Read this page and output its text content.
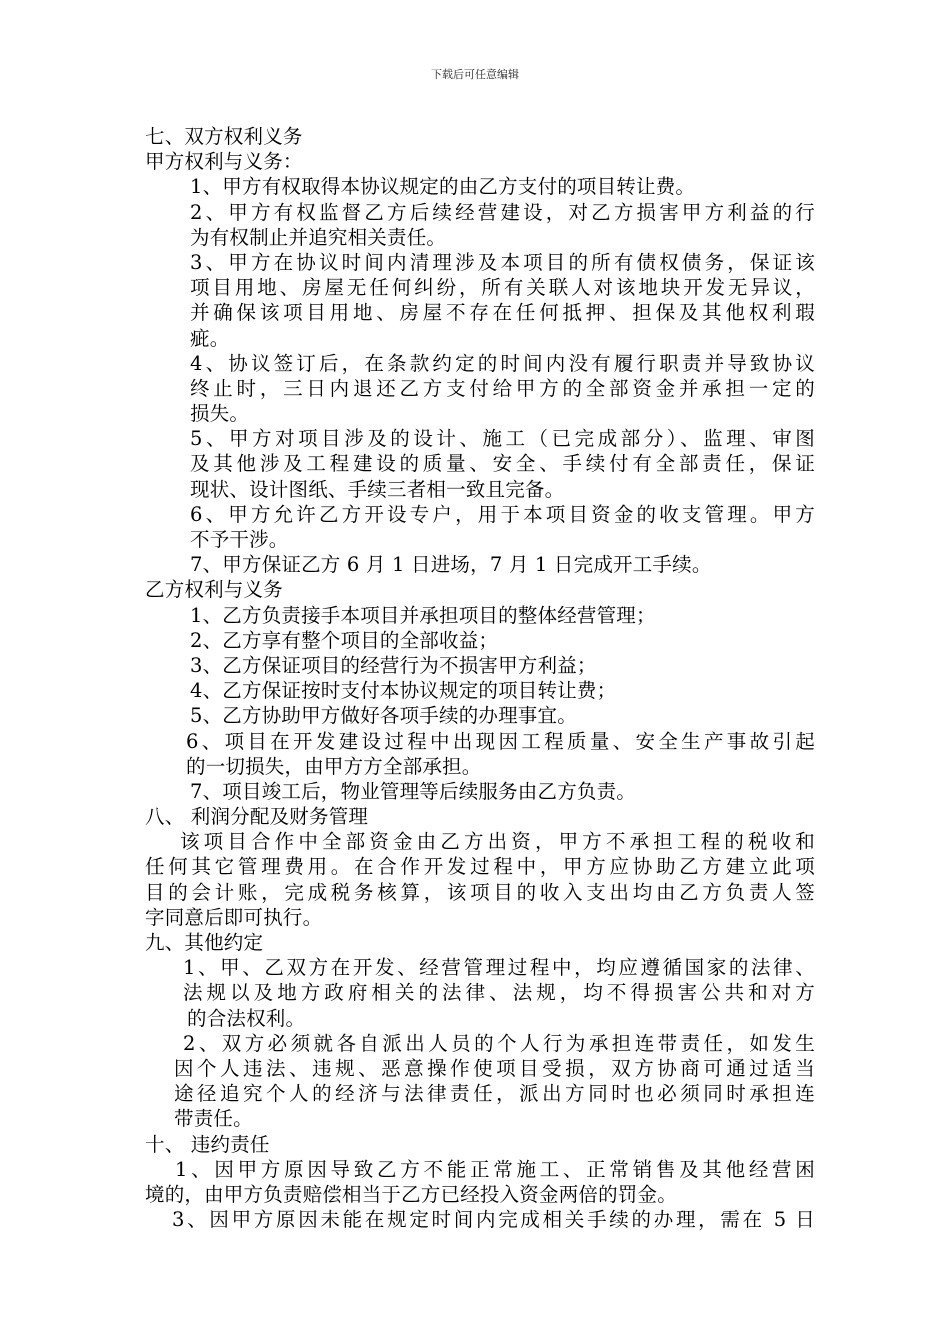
下载后可任意编辑
七、双方权利义务
甲方权利与义务：
1、甲方有权取得本协议规定的由乙方支付的项目转让费。
2、甲方有权监督乙方后续经营建设，对乙方损害甲方利益的行
为有权制止并追究相关责任。
3、甲方在协议时间内清理涉及本项目的所有债权债务，保证该
项目用地、房屋无任何纠纷，所有关联人对该地块开发无异议，
并确保该项目用地、房屋不存在任何抵押、担保及其他权利瑕
疵。
4、协议签订后，在条款约定的时间内没有履行职责并导致协议
终止时，三日内退还乙方支付给甲方的全部资金并承担一定的
损失。
5、甲方对项目涉及的设计、施工（已完成部分）、监理、审图
及其他涉及工程建设的质量、安全、手续付有全部责任，保证
现状、设计图纸、手续三者相一致且完备。
6、甲方允许乙方开设专户，用于本项目资金的收支管理。甲方
不予干涉。
7、甲方保证乙方 6 月 1 日进场，7 月 1 日完成开工手续。
乙方权利与义务
1、乙方负责接手本项目并承担项目的整体经营管理；
2、乙方享有整个项目的全部收益；
3、乙方保证项目的经营行为不损害甲方利益；
4、乙方保证按时支付本协议规定的项目转让费；
5、乙方协助甲方做好各项手续的办理事宜。
6、项目在开发建设过程中出现因工程质量、安全生产事故引起
的一切损失，由甲方方全部承担。
7、项目竣工后，物业管理等后续服务由乙方负责。
八、 利润分配及财务管理
该项目合作中全部资金由乙方出资，甲方不承担工程的税收和
任何其它管理费用。在合作开发过程中，甲方应协助乙方建立此项
目的会计账，完成税务核算，该项目的收入支出均由乙方负责人签
字同意后即可执行。
九、其他约定
1、甲、乙双方在开发、经营管理过程中，均应遵循国家的法律、
法规以及地方政府相关的法律、法规，均不得损害公共和对方
的合法权利。
2、双方必须就各自派出人员的个人行为承担连带责任，如发生
因个人违法、违规、恶意操作使项目受损，双方协商可通过适当
途径追究个人的经济与法律责任，派出方同时也必须同时承担连
带责任。
十、 违约责任
1、因甲方原因导致乙方不能正常施工、正常销售及其他经营困
境的，由甲方负责赔偿相当于乙方已经投入资金两倍的罚金。
3、因甲方原因未能在规定时间内完成相关手续的办理，需在 5 日
